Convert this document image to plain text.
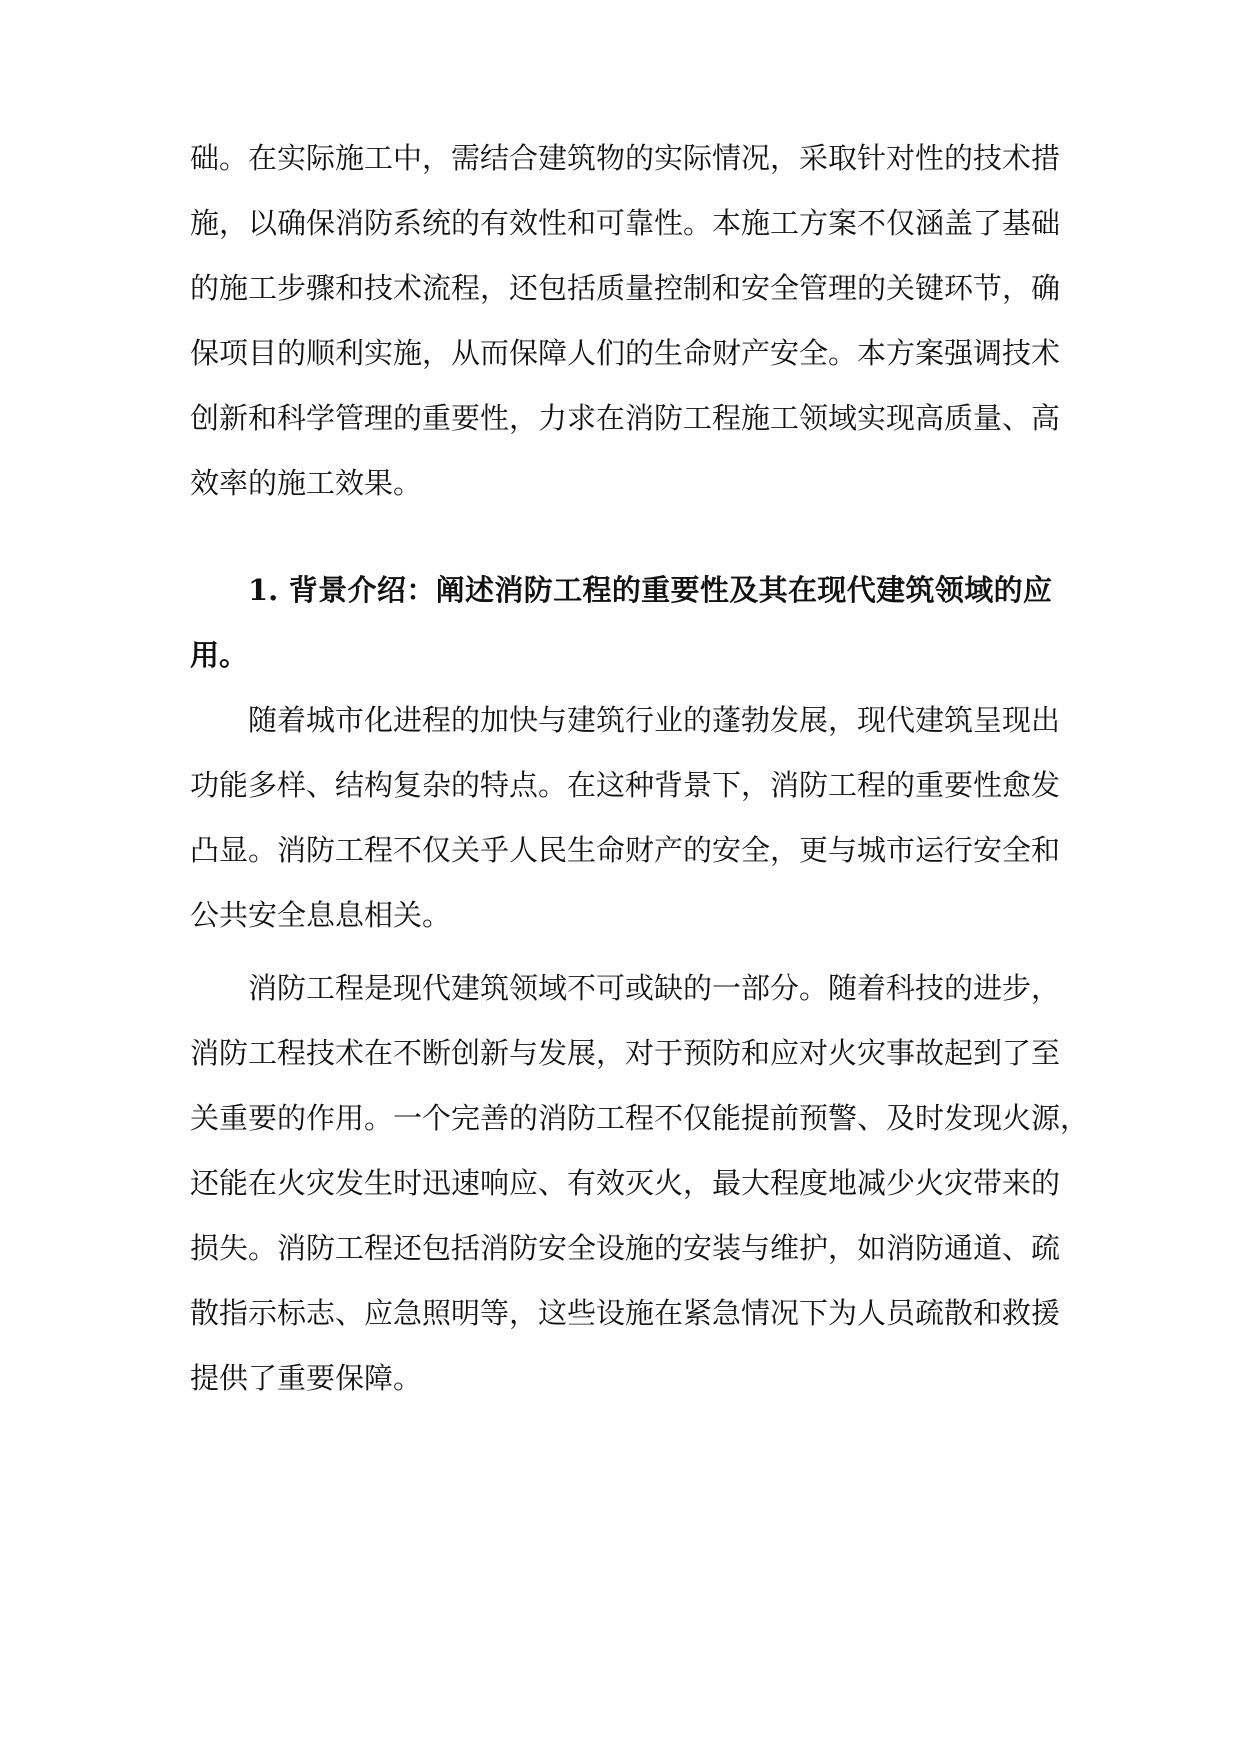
础。在实际施工中，需结合建筑物的实际情况，采取针对性的技术措
施，以确保消防系统的有效性和可靠性。本施工方案不仅涵盖了基础
的施工步骤和技术流程，还包括质量控制和安全管理的关键环节，确
保项目的顺利实施，从而保障人们的生命财产安全。本方案强调技术
创新和科学管理的重要性，力求在消防工程施工领域实现高质量、高
效率的施工效果。
1. 背景介绍：阐述消防工程的重要性及其在现代建筑领域的应
用。
随着城市化进程的加快与建筑行业的蓬勃发展，现代建筑呈现出
功能多样、结构复杂的特点。在这种背景下，消防工程的重要性愈发
凸显。消防工程不仅关乎人民生命财产的安全，更与城市运行安全和
公共安全息息相关。
消防工程是现代建筑领域不可或缺的一部分。随着科技的进步，
消防工程技术在不断创新与发展，对于预防和应对火灾事故起到了至
关重要的作用。一个完善的消防工程不仅能提前预警、及时发现火源，
还能在火灾发生时迅速响应、有效灭火，最大程度地减少火灾带来的
损失。消防工程还包括消防安全设施的安装与维护，如消防通道、疏
散指示标志、应急照明等，这些设施在紧急情况下为人员疏散和救援
提供了重要保障。
